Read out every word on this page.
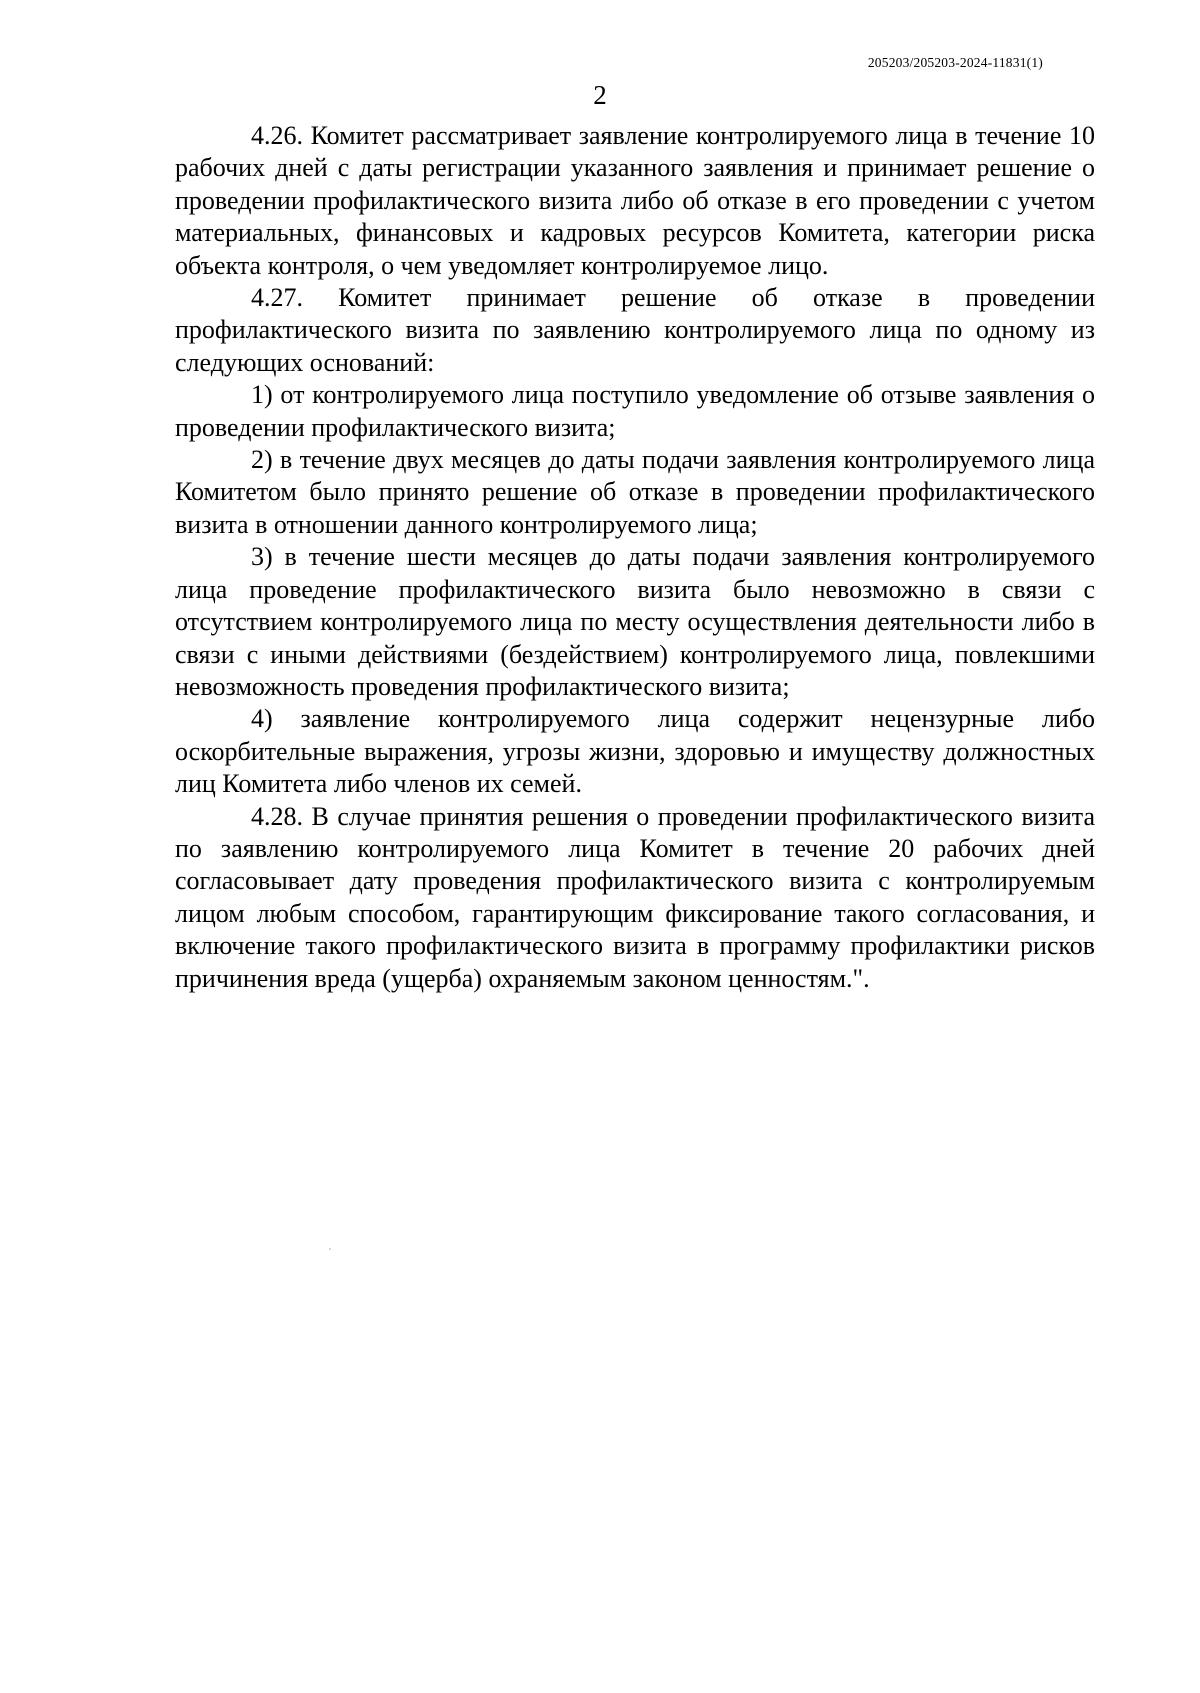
205203/205203-2024-11831(1)
2

4.26. Комитет рассматривает заявление контролируемого лица в течение 10 рабочих дней с даты регистрации указанного заявления и принимает решение о проведении профилактического визита либо об отказе в его проведении с учетом материальных, финансовых и кадровых ресурсов Комитета, категории риска объекта контроля, о чем уведомляет контролируемое лицо.

4.27. Комитет принимает решение об отказе в проведении профилактического визита по заявлению контролируемого лица по одному из следующих оснований:

1) от контролируемого лица поступило уведомление об отзыве заявления о проведении профилактического визита;

2) в течение двух месяцев до даты подачи заявления контролируемого лица Комитетом было принято решение об отказе в проведении профилактического визита в отношении данного контролируемого лица;

3) в течение шести месяцев до даты подачи заявления контролируемого лица проведение профилактического визита было невозможно в связи с отсутствием контролируемого лица по месту осуществления деятельности либо в связи с иными действиями (бездействием) контролируемого лица, повлекшими невозможность проведения профилактического визита;

4) заявление контролируемого лица содержит нецензурные либо оскорбительные выражения, угрозы жизни, здоровью и имуществу должностных лиц Комитета либо членов их семей.

4.28. В случае принятия решения о проведении профилактического визита по заявлению контролируемого лица Комитет в течение 20 рабочих дней согласовывает дату проведения профилактического визита с контролируемым лицом любым способом, гарантирующим фиксирование такого согласования, и включение такого профилактического визита в программу профилактики рисков причинения вреда (ущерба) охраняемым законом ценностям.".
